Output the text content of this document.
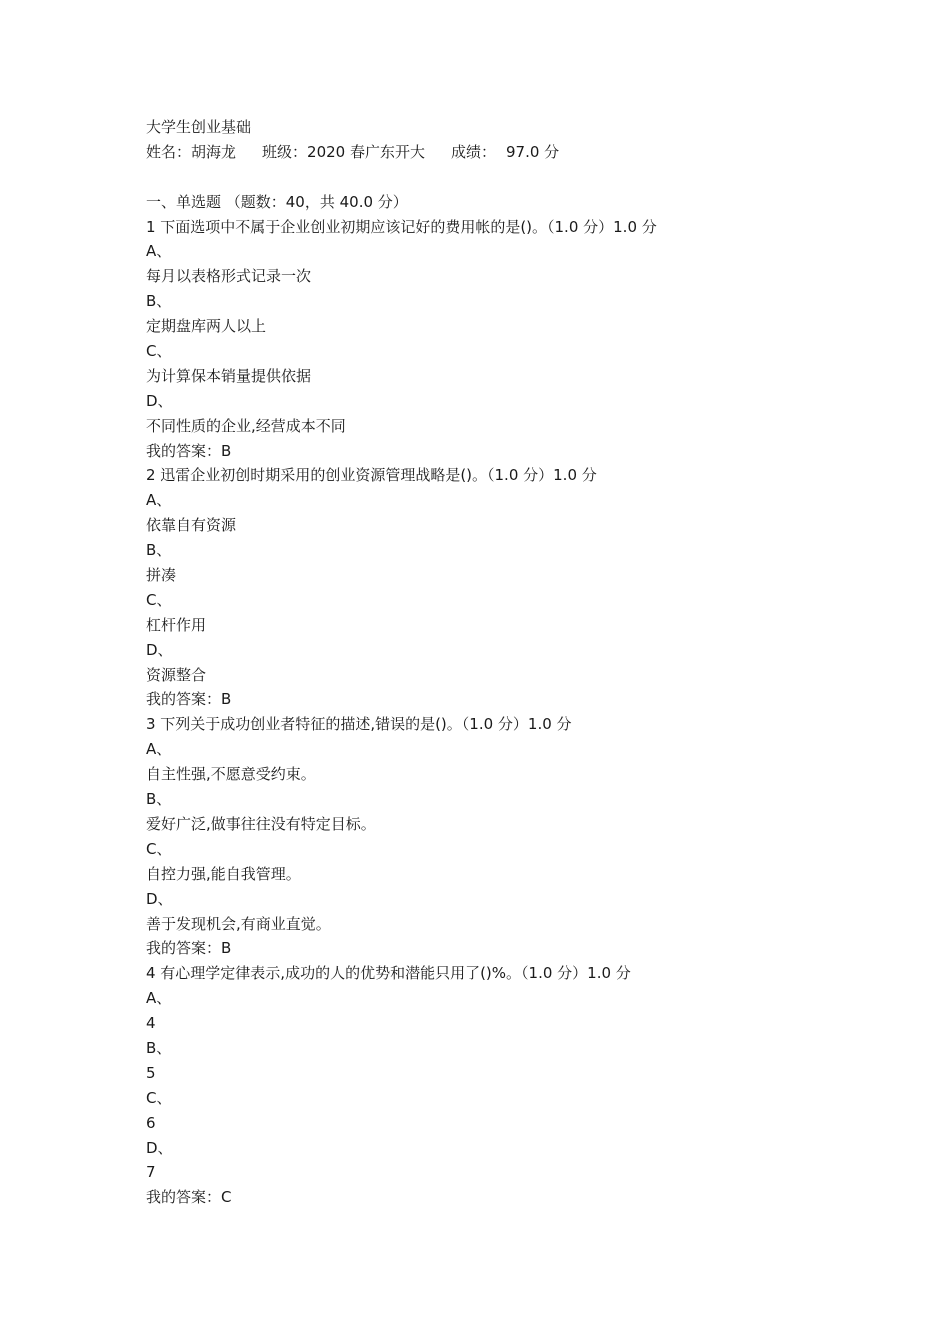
大学生创业基础
姓名：胡海龙 班级：2020 春广东开大 成绩： 97.0 分
一、单选题 （题数：40，共 40.0 分）
1 下面选项中不属于企业创业初期应该记好的费用帐的是()。（1.0 分）1.0 分
A、
每月以表格形式记录一次
B、
定期盘库两人以上
C、
为计算保本销量提供依据
D、
不同性质的企业,经营成本不同
我的答案：B
2 迅雷企业初创时期采用的创业资源管理战略是()。（1.0 分）1.0 分
A、
依靠自有资源
B、
拼凑
C、
杠杆作用
D、
资源整合
我的答案：B
3 下列关于成功创业者特征的描述,错误的是()。（1.0 分）1.0 分
A、
自主性强,不愿意受约束。
B、
爱好广泛,做事往往没有特定目标。
C、
自控力强,能自我管理。
D、
善于发现机会,有商业直觉。
我的答案：B
4 有心理学定律表示,成功的人的优势和潜能只用了()%。（1.0 分）1.0 分
A、
4
B、
5
C、
6
D、
7
我的答案：C
